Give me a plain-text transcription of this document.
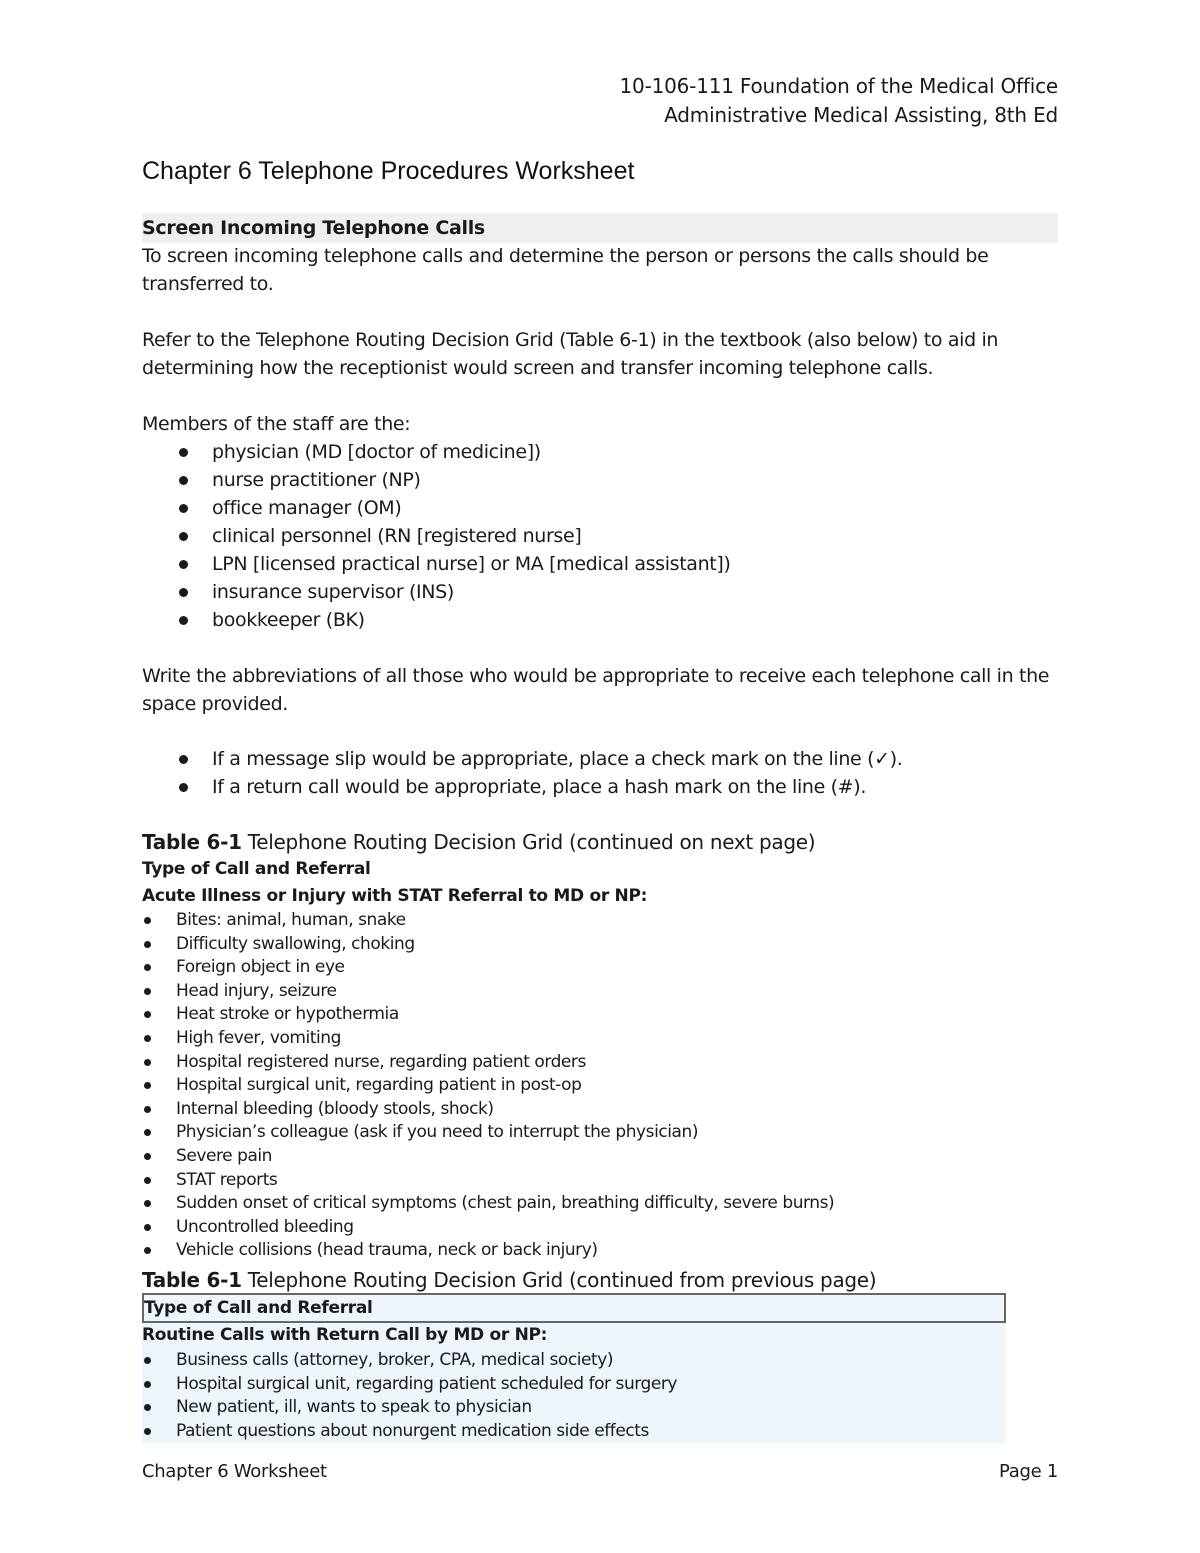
10-106-111 Foundation of the Medical Office
Administrative Medical Assisting, 8th Ed
Chapter 6 Telephone Procedures Worksheet
Screen Incoming Telephone Calls

To screen incoming telephone calls and determine the person or persons the calls should be transferred to.

Refer to the Telephone Routing Decision Grid (Table 6-1) in the textbook (also below) to aid in determining how the receptionist would screen and transfer incoming telephone calls.

Members of the staff are the:

physician (MD [doctor of medicine])
nurse practitioner (NP)
office manager (OM)
clinical personnel (RN [registered nurse]
LPN [licensed practical nurse] or MA [medical assistant])
insurance supervisor (INS)
bookkeeper (BK)

Write the abbreviations of all those who would be appropriate to receive each telephone call in the space provided.

If a message slip would be appropriate, place a check mark on the line (✓).
If a return call would be appropriate, place a hash mark on the line (#).
Table 6-1 Telephone Routing Decision Grid (continued on next page)
Type of Call and Referral
Acute Illness or Injury with STAT Referral to MD or NP:
Bites: animal, human, snake
Difficulty swallowing, choking
Foreign object in eye
Head injury, seizure
Heat stroke or hypothermia
High fever, vomiting
Hospital registered nurse, regarding patient orders
Hospital surgical unit, regarding patient in post-op
Internal bleeding (bloody stools, shock)
Physician’s colleague (ask if you need to interrupt the physician)
Severe pain
STAT reports
Sudden onset of critical symptoms (chest pain, breathing difficulty, severe burns)
Uncontrolled bleeding
Vehicle collisions (head trauma, neck or back injury)
Table 6-1 Telephone Routing Decision Grid (continued from previous page)
Type of Call and Referral
Routine Calls with Return Call by MD or NP:
Business calls (attorney, broker, CPA, medical society)
Hospital surgical unit, regarding patient scheduled for surgery
New patient, ill, wants to speak to physician
Patient questions about nonurgent medication side effects
Chapter 6 Worksheet	Page 1
